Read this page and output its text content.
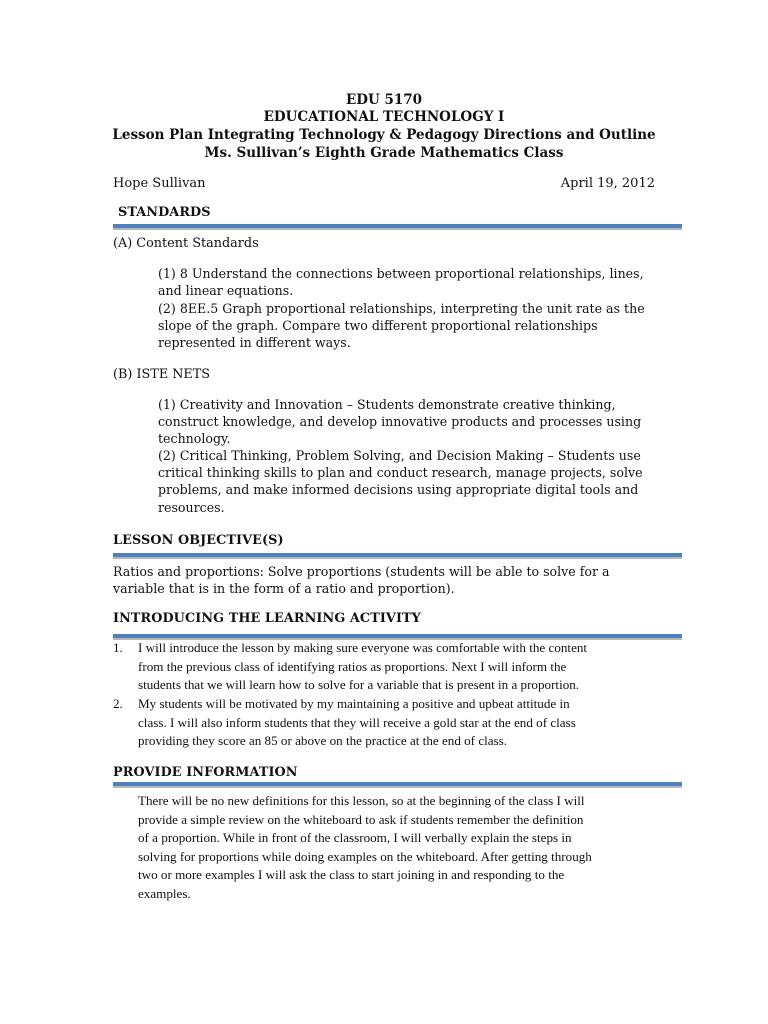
EDU 5170
EDUCATIONAL TECHNOLOGY I
Lesson Plan Integrating Technology & Pedagogy Directions and Outline
Ms. Sullivan’s Eighth Grade Mathematics Class
Hope Sullivan	April 19, 2012
STANDARDS
(A) Content Standards
(1) 8 Understand the connections between proportional relationships, lines,
and linear equations.
(2) 8EE.5 Graph proportional relationships, interpreting the unit rate as the
slope of the graph. Compare two different proportional relationships
represented in different ways.
(B) ISTE NETS
(1) Creativity and Innovation – Students demonstrate creative thinking,
construct knowledge, and develop innovative products and processes using
technology.
(2) Critical Thinking, Problem Solving, and Decision Making – Students use
critical thinking skills to plan and conduct research, manage projects, solve
problems, and make informed decisions using appropriate digital tools and
resources.
LESSON OBJECTIVE(S)
Ratios and proportions: Solve proportions (students will be able to solve for a
variable that is in the form of a ratio and proportion).
INTRODUCING THE LEARNING ACTIVITY
1. I will introduce the lesson by making sure everyone was comfortable with the content
from the previous class of identifying ratios as proportions. Next I will inform the
students that we will learn how to solve for a variable that is present in a proportion.
2. My students will be motivated by my maintaining a positive and upbeat attitude in
class. I will also inform students that they will receive a gold star at the end of class
providing they score an 85 or above on the practice at the end of class.
PROVIDE INFORMATION
There will be no new definitions for this lesson, so at the beginning of the class I will
provide a simple review on the whiteboard to ask if students remember the definition
of a proportion. While in front of the classroom, I will verbally explain the steps in
solving for proportions while doing examples on the whiteboard. After getting through
two or more examples I will ask the class to start joining in and responding to the
examples.
